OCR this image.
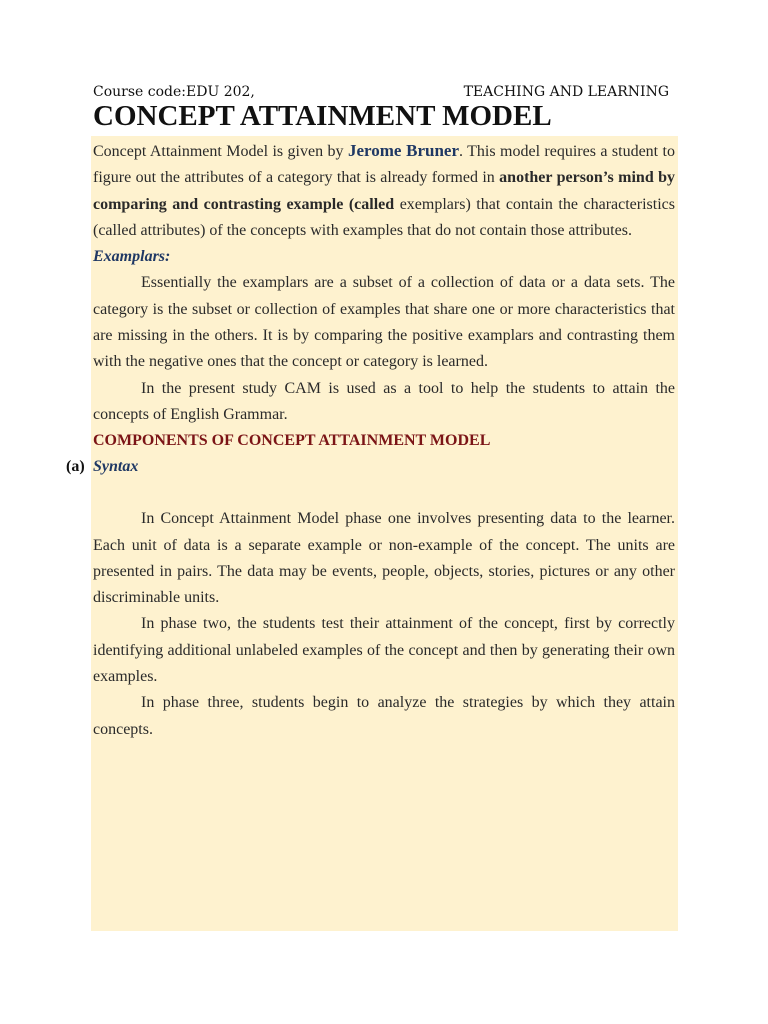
Course code:EDU 202,	TEACHING AND LEARNING
CONCEPT ATTAINMENT MODEL

Concept Attainment Model is given by Jerome Bruner. This model requires a student to figure out the attributes of a category that is already formed in another person’s mind by comparing and contrasting example (called exemplars) that contain the characteristics (called attributes) of the concepts with examples that do not contain those attributes.

Examplars:

Essentially the examplars are a subset of a collection of data or a data sets. The category is the subset or collection of examples that share one or more characteristics that are missing in the others. It is by comparing the positive examplars and contrasting them with the negative ones that the concept or category is learned.

In the present study CAM is used as a tool to help the students to attain the concepts of English Grammar.

COMPONENTS OF CONCEPT ATTAINMENT MODEL

(a) Syntax

In Concept Attainment Model phase one involves presenting data to the learner. Each unit of data is a separate example or non-example of the concept. The units are presented in pairs. The data may be events, people, objects, stories, pictures or any other discriminable units.

In phase two, the students test their attainment of the concept, first by correctly identifying additional unlabeled examples of the concept and then by generating their own examples.

In phase three, students begin to analyze the strategies by which they attain concepts.
